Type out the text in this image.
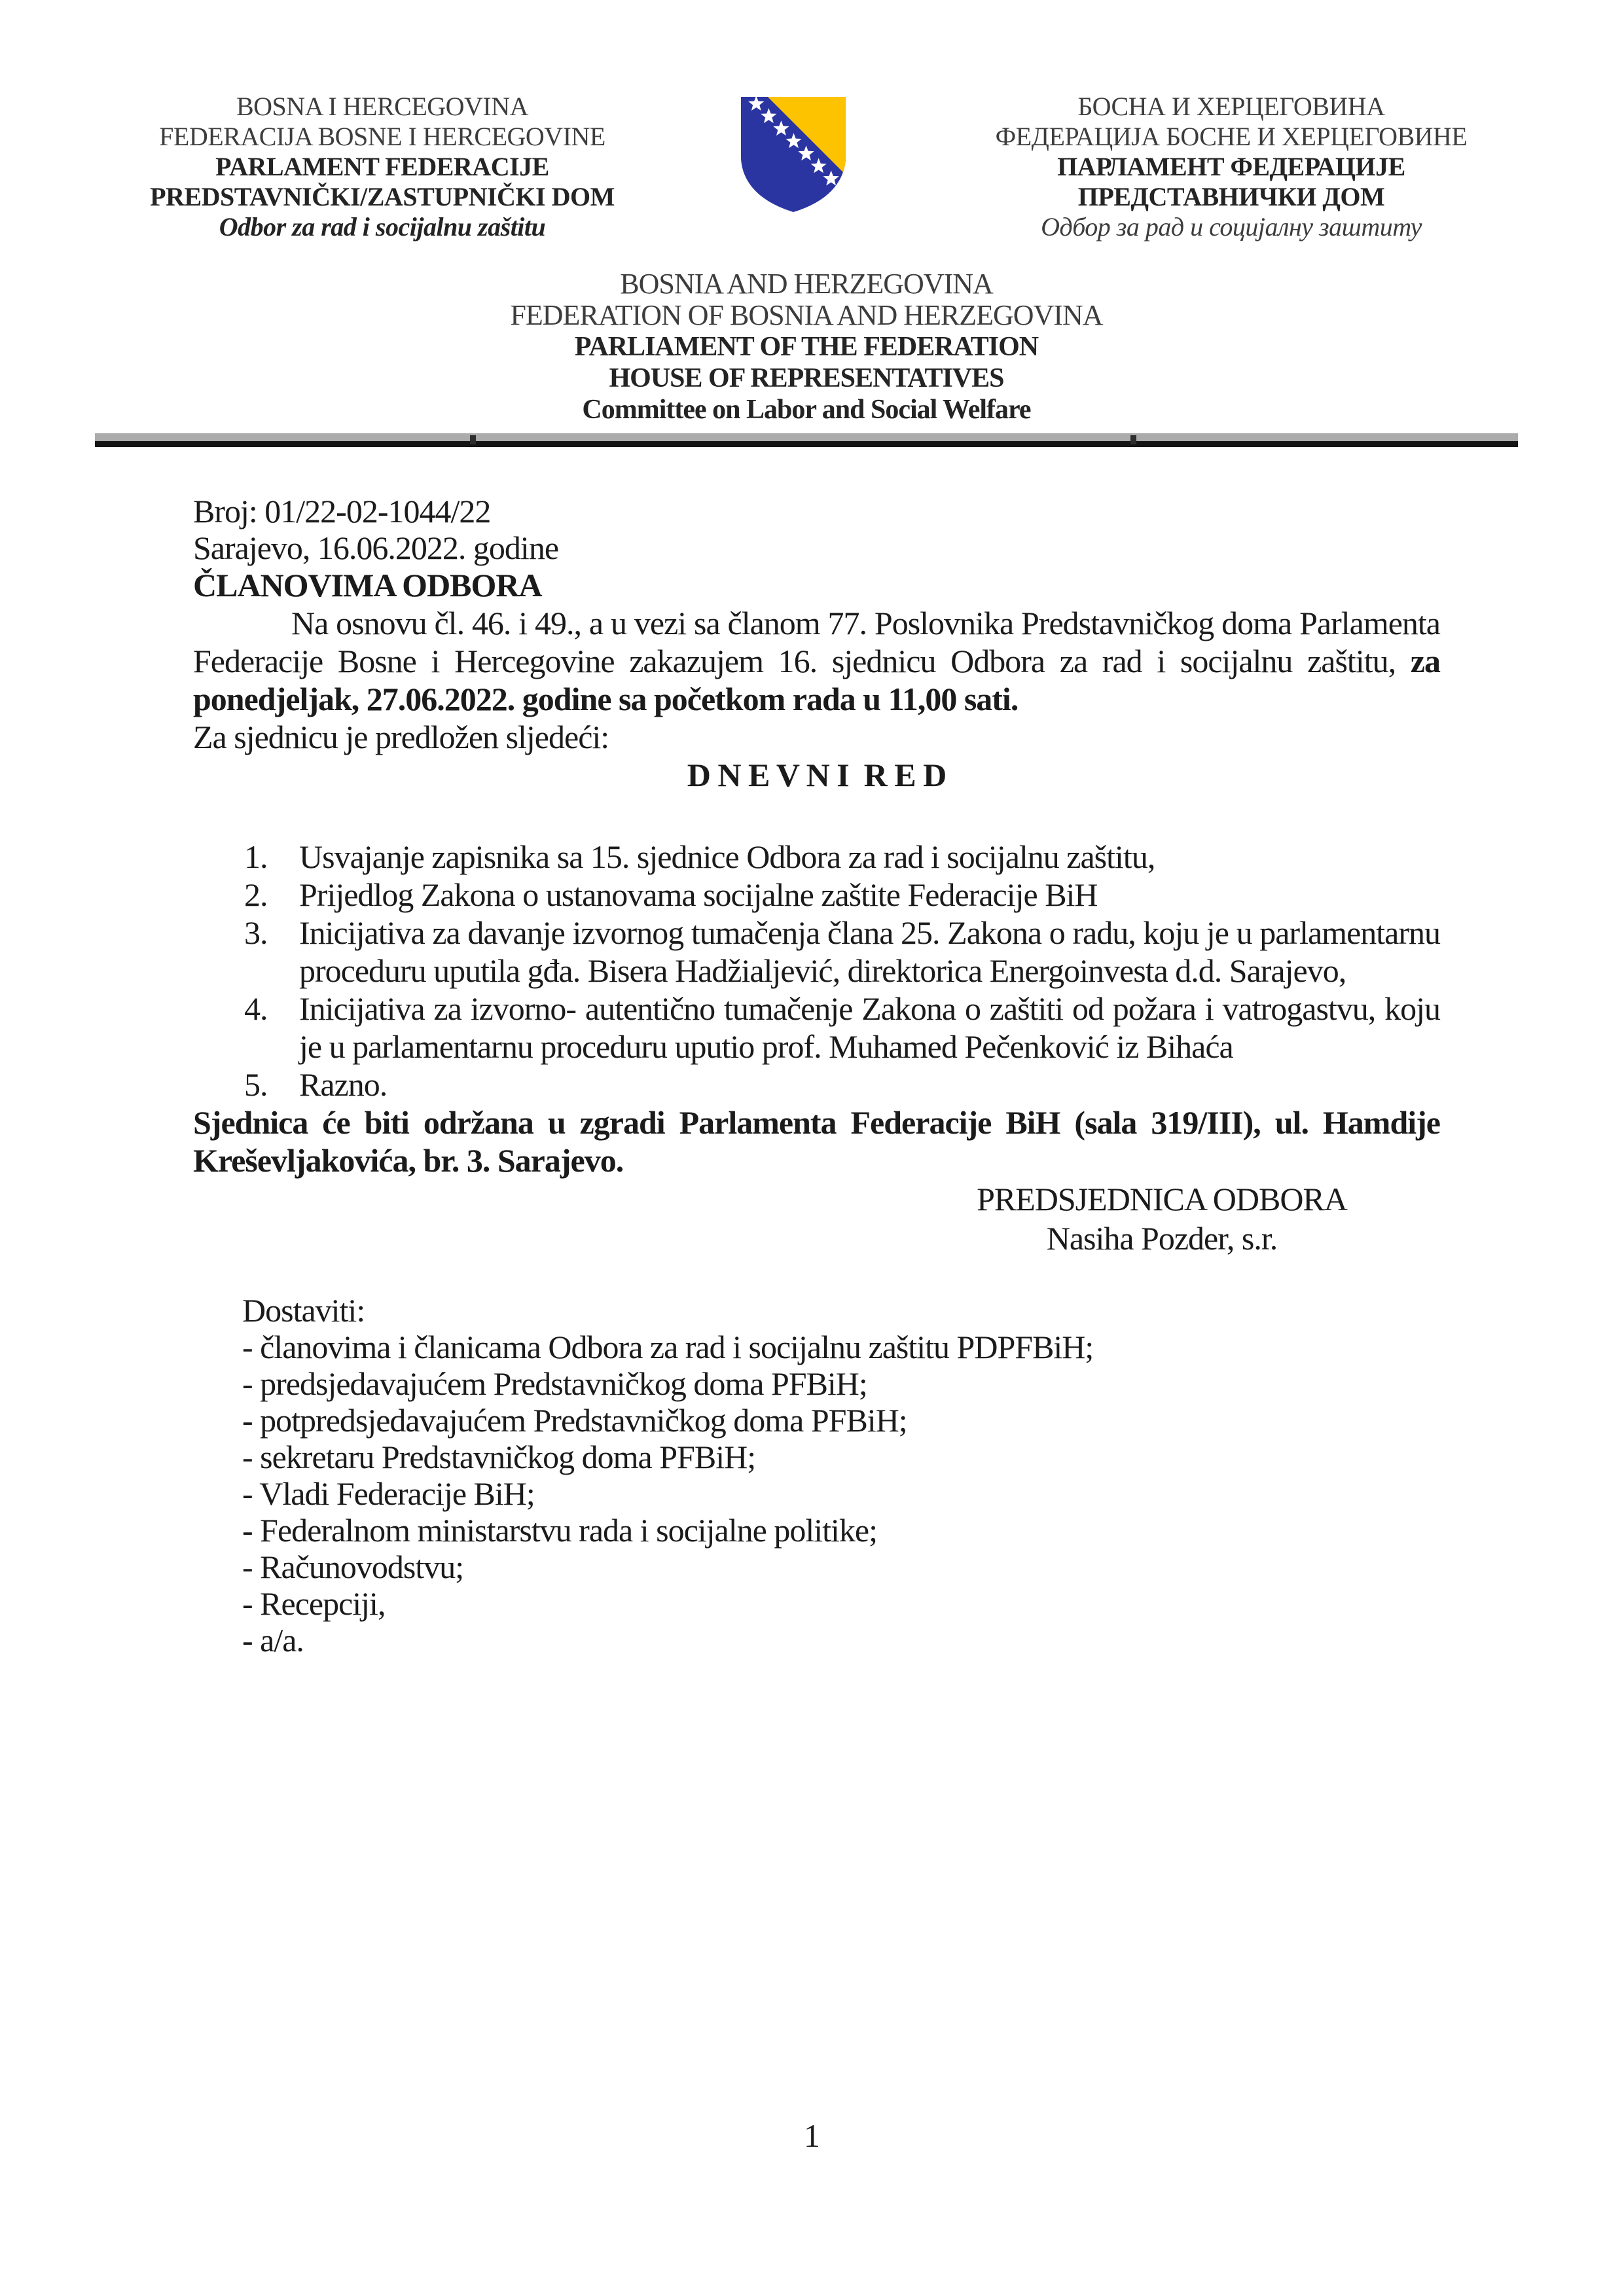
BOSNA I HERCEGOVINA
FEDERACIJA BOSNE I HERCEGOVINE
PARLAMENT FEDERACIJE
PREDSTAVNIČKI/ZASTUPNIČKI DOM
Odbor za rad i socijalnu zaštitu
БОСНА И ХЕРЦЕГОВИНА
ФЕДЕРАЦИЈА БОСНЕ И ХЕРЦЕГОВИНЕ
ПАРЛАМЕНТ ФЕДЕРАЦИЈЕ
ПРЕДСТАВНИЧКИ ДОМ
Одбор за рад и социјалну заштиту
BOSNIA AND HERZEGOVINA
FEDERATION OF BOSNIA AND HERZEGOVINA
PARLIAMENT OF THE FEDERATION
HOUSE OF REPRESENTATIVES
Committee on Labor and Social Welfare

Broj: 01/22-02-1044/22

Sarajevo, 16.06.2022. godine

ČLANOVIMA ODBORA

Na osnovu čl. 46. i 49., a u vezi sa članom 77. Poslovnika Predstavničkog doma Parlamenta Federacije Bosne i Hercegovine zakazujem 16. sjednicu Odbora za rad i socijalnu zaštitu, za ponedjeljak, 27.06.2022. godine sa početkom rada u 11,00 sati.

Za sjednicu je predložen sljedeći:

D N E V N I  R E D

1. Usvajanje zapisnika sa 15. sjednice Odbora za rad i socijalnu zaštitu,
2. Prijedlog Zakona o ustanovama socijalne zaštite Federacije BiH
3. Inicijativa za davanje izvornog tumačenja člana 25. Zakona o radu, koju je u parlamentarnu proceduru uputila gđa. Bisera Hadžialjević, direktorica Energoinvesta d.d. Sarajevo,
4. Inicijativa za izvorno- autentično tumačenje Zakona o zaštiti od požara i vatrogastvu, koju je u parlamentarnu proceduru uputio prof. Muhamed Pečenković iz Bihaća
5. Razno.

Sjednica će biti održana u zgradi Parlamenta Federacije BiH (sala 319/III), ul. Hamdije Kreševljakovića, br. 3. Sarajevo.

PREDSJEDNICA ODBORA

Nasiha Pozder, s.r.

Dostaviti:

- članovima i članicama Odbora za rad i socijalnu zaštitu PDPFBiH;

- predsjedavajućem Predstavničkog doma PFBiH;

- potpredsjedavajućem Predstavničkog doma PFBiH;

- sekretaru Predstavničkog doma PFBiH;

- Vladi Federacije BiH;

- Federalnom ministarstvu rada i socijalne politike;

- Računovodstvu;

- Recepciji,

- a/a.

1
